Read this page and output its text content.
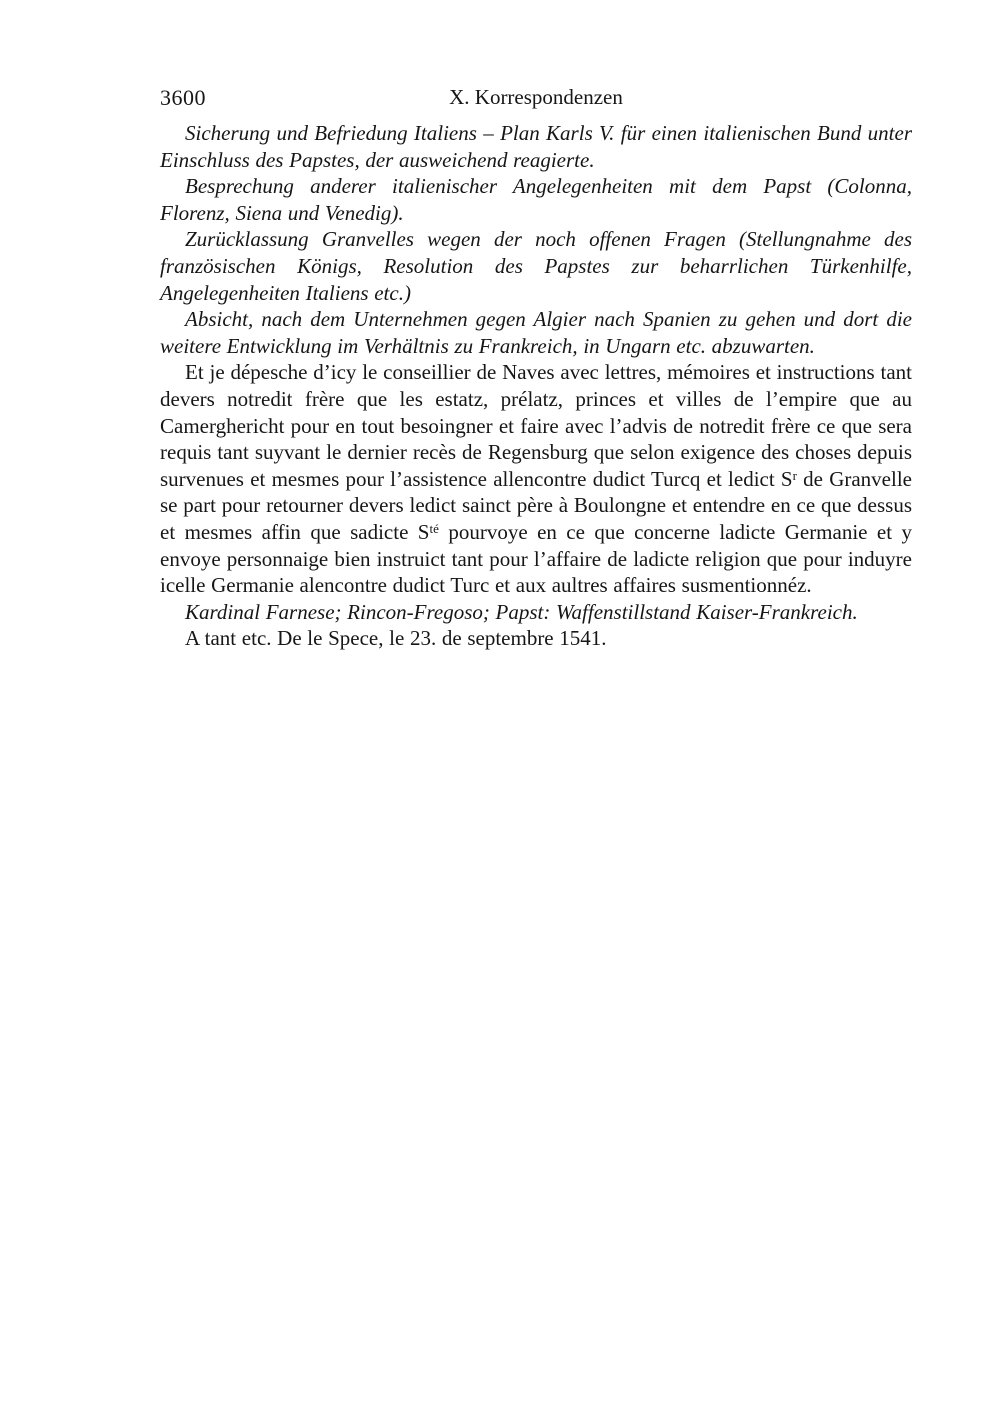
3600	X. Korrespondenzen

Sicherung und Befriedung Italiens – Plan Karls V. für einen italienischen Bund unter Einschluss des Papstes, der ausweichend reagierte.

Besprechung anderer italienischer Angelegenheiten mit dem Papst (Colonna, Florenz, Siena und Venedig).

Zurücklassung Granvelles wegen der noch offenen Fragen (Stellungnahme des französischen Königs, Resolution des Papstes zur beharrlichen Türkenhilfe, Angelegenheiten Italiens etc.)

Absicht, nach dem Unternehmen gegen Algier nach Spanien zu gehen und dort die weitere Entwicklung im Verhältnis zu Frankreich, in Ungarn etc. abzuwarten.

Et je dépesche d’icy le conseillier de Naves avec lettres, mémoires et instructions tant devers notredit frère que les estatz, prélatz, princes et villes de l’empire que au Camerghericht pour en tout besoingner et faire avec l’advis de notredit frère ce que sera requis tant suyvant le dernier recès de Regensburg que selon exigence des choses depuis survenues et mesmes pour l’assistence allencontre dudict Turcq et ledict $S^r$ de Granvelle se part pour retourner devers ledict sainct père à Boulongne et entendre en ce que dessus et mesmes affin que sadicte $S^{té}$ pourvoye en ce que concerne ladicte Germanie et y envoye personnaige bien instruict tant pour l’affaire de ladicte religion que pour induyre icelle Germanie alencontre dudict Turc et aux aultres affaires susmentionnéz.

Kardinal Farnese; Rincon-Fregoso; Papst: Waffenstillstand Kaiser-Frankreich.

A tant etc. De le Spece, le 23. de septembre 1541.
